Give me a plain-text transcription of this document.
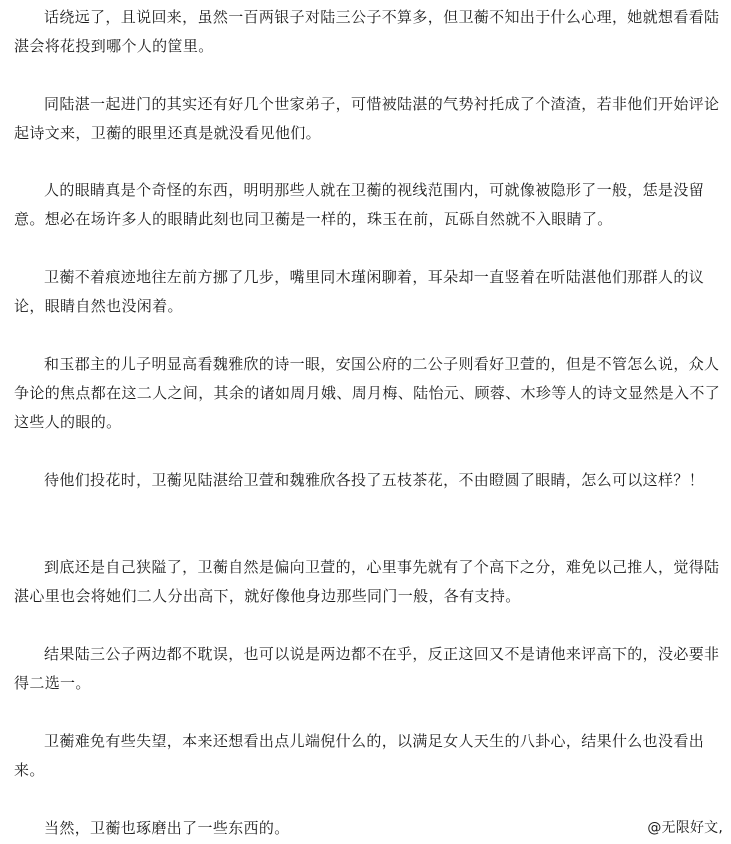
话绕远了，且说回来，虽然一百两银子对陆三公子不算多，但卫蘅不知出于什么心理，她就想看看陆湛会将花投到哪个人的筐里。

同陆湛一起进门的其实还有好几个世家弟子，可惜被陆湛的气势衬托成了个渣渣，若非他们开始评论起诗文来，卫蘅的眼里还真是就没看见他们。

人的眼睛真是个奇怪的东西，明明那些人就在卫蘅的视线范围内，可就像被隐形了一般，恁是没留意。想必在场许多人的眼睛此刻也同卫蘅是一样的，珠玉在前，瓦砾自然就不入眼睛了。

卫蘅不着痕迹地往左前方挪了几步，嘴里同木瑾闲聊着，耳朵却一直竖着在听陆湛他们那群人的议论，眼睛自然也没闲着。

和玉郡主的儿子明显高看魏雅欣的诗一眼，安国公府的二公子则看好卫萱的，但是不管怎么说，众人争论的焦点都在这二人之间，其余的诸如周月娥、周月梅、陆怡元、顾蓉、木珍等人的诗文显然是入不了这些人的眼的。

待他们投花时，卫蘅见陆湛给卫萱和魏雅欣各投了五枝茶花，不由瞪圆了眼睛，怎么可以这样？！

到底还是自己狭隘了，卫蘅自然是偏向卫萱的，心里事先就有了个高下之分，难免以己推人，觉得陆湛心里也会将她们二人分出高下，就好像他身边那些同门一般，各有支持。

结果陆三公子两边都不耽误，也可以说是两边都不在乎，反正这回又不是请他来评高下的，没必要非得二选一。

卫蘅难免有些失望，本来还想看出点儿端倪什么的，以满足女人天生的八卦心，结果什么也没看出来。

当然，卫蘅也琢磨出了一些东西的。	@无限好文,
